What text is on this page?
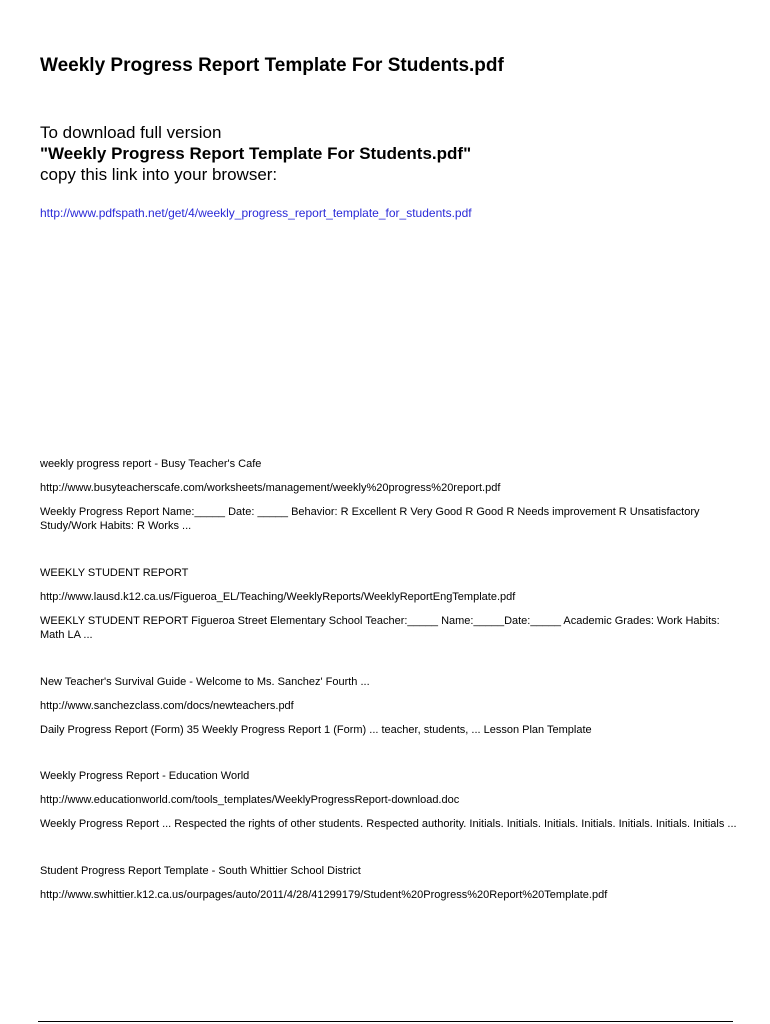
Weekly Progress Report Template For Students.pdf
To download full version
"Weekly Progress Report Template For Students.pdf"
copy this link into your browser:
http://www.pdfspath.net/get/4/weekly_progress_report_template_for_students.pdf

weekly progress report - Busy Teacher's Cafe

http://www.busyteacherscafe.com/worksheets/management/weekly%20progress%20report.pdf

Weekly Progress Report Name:_____ Date: _____ Behavior: R Excellent R Very Good R Good R Needs improvement R Unsatisfactory Study/Work Habits: R Works ...

WEEKLY STUDENT REPORT

http://www.lausd.k12.ca.us/Figueroa_EL/Teaching/WeeklyReports/WeeklyReportEngTemplate.pdf

WEEKLY STUDENT REPORT Figueroa Street Elementary School Teacher:_____ Name:_____Date:_____ Academic Grades: Work Habits: Math LA ...

New Teacher's Survival Guide - Welcome to Ms. Sanchez' Fourth ...

http://www.sanchezclass.com/docs/newteachers.pdf

Daily Progress Report (Form) 35 Weekly Progress Report 1 (Form) ... teacher, students, ... Lesson Plan Template

Weekly Progress Report - Education World

http://www.educationworld.com/tools_templates/WeeklyProgressReport-download.doc

Weekly Progress Report ... Respected the rights of other students. Respected authority. Initials. Initials. Initials. Initials. Initials. Initials. Initials ...

Student Progress Report Template - South Whittier School District

http://www.swhittier.k12.ca.us/ourpages/auto/2011/4/28/41299179/Student%20Progress%20Report%20Template.pdf
